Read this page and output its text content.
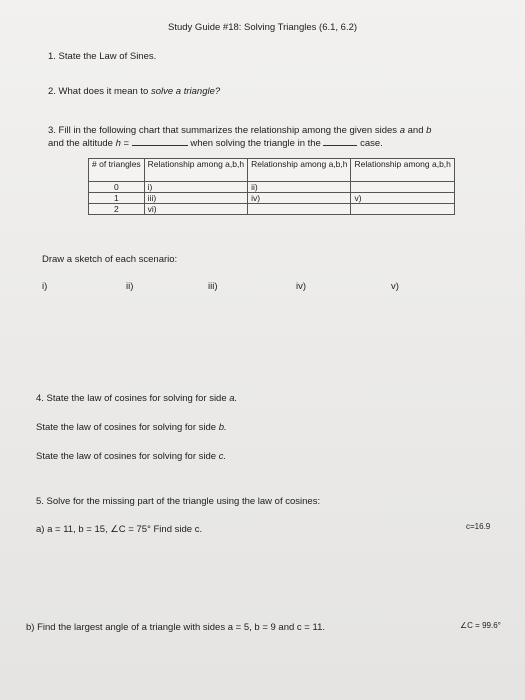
Study Guide #18: Solving Triangles (6.1, 6.2)
1. State the Law of Sines.
2. What does it mean to solve a triangle?
3. Fill in the following chart that summarizes the relationship among the given sides a and b
and the altitude h =	when solving the triangle in the	case.
# of triangles	Relationship among a,b,h	Relationship among a,b,h	Relationship among a,b,h
0	i)	ii)	
1	iii)	iv)	v)
2	vi)		
Draw a sketch of each scenario:
i)	ii)	iii)	iv)	v)
4. State the law of cosines for solving for side a.
State the law of cosines for solving for side b.
State the law of cosines for solving for side c.
5. Solve for the missing part of the triangle using the law of cosines:
a) a = 11, b = 15, ∠C = 75° Find side c.	c=16.9
b) Find the largest angle of a triangle with sides a = 5, b = 9 and c = 11.	∠C = 99.6°
